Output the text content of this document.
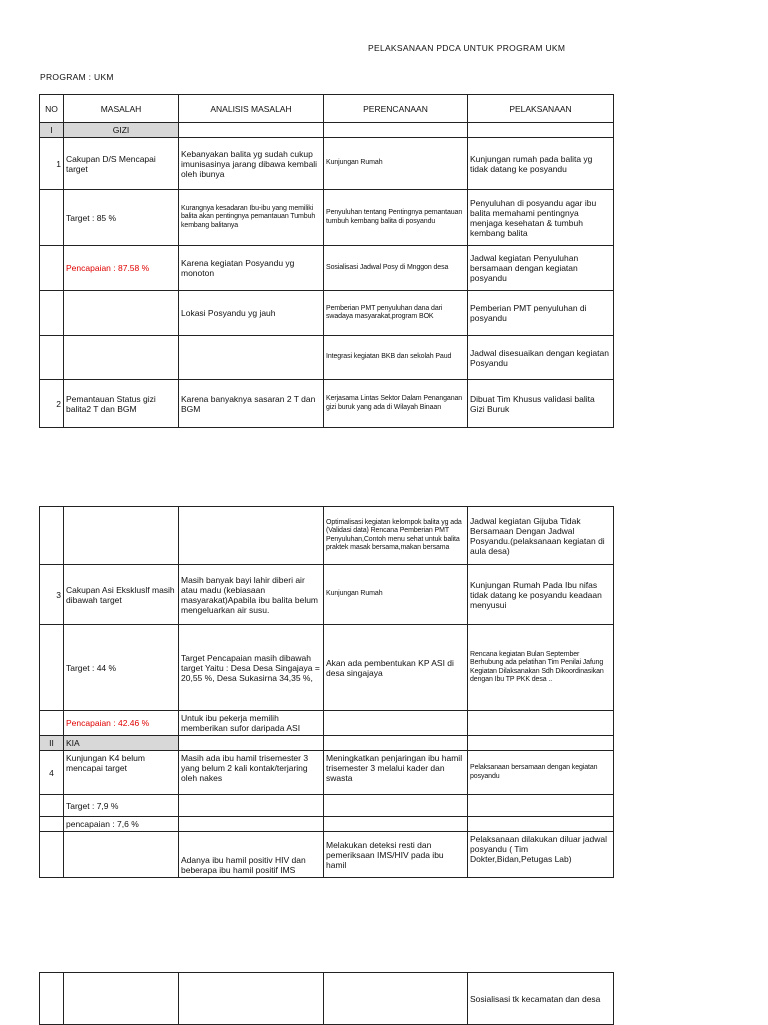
PELAKSANAAN PDCA UNTUK PROGRAM UKM
PROGRAM : UKM
NO	MASALAH	ANALISIS MASALAH	PERENCANAAN	PELAKSANAAN
I	GIZI			
1	Cakupan D/S Mencapai target	Kebanyakan balita yg sudah cukup imunisasinya jarang dibawa kembali oleh ibunya	Kunjungan Rumah	Kunjungan rumah pada balita yg tidak datang ke posyandu
	Target : 85 %	Kurangnya kesadaran Ibu-ibu yang memiliki balita akan pentingnya pemantauan Tumbuh kembang balitanya	Penyuluhan tentang Pentingnya pemantauan tumbuh kembang balita di posyandu	Penyuluhan di posyandu agar ibu balita memahami pentingnya menjaga kesehatan & tumbuh kembang balita
	Pencapaian : 87.58 %	Karena kegiatan Posyandu yg monoton	Sosialisasi Jadwal Posy di Mnggon desa	Jadwal kegiatan Penyuluhan bersamaan dengan kegiatan posyandu
		Lokasi Posyandu yg jauh	Pemberian PMT penyuluhan dana dari swadaya masyarakat,program BOK	Pemberian PMT penyuluhan di posyandu
			Integrasi kegiatan BKB dan sekolah Paud	Jadwal disesuaikan dengan kegiatan Posyandu
2	Pemantauan Status gizi balita2 T dan BGM	Karena banyaknya sasaran 2 T dan BGM	Kerjasama Lintas Sektor Dalam Penanganan gizi buruk yang ada di Wilayah Binaan	Dibuat Tim Khusus validasi balita Gizi Buruk
			Optimalisasi kegiatan kelompok balita yg ada (Validasi data) Rencana Pemberian PMT Penyuluhan,Contoh menu sehat untuk balita praktek masak bersama,makan bersama	Jadwal kegiatan Gijuba Tidak Bersamaan Dengan Jadwal Posyandu.(pelaksanaan kegiatan di aula desa)
3	Cakupan Asi Ekskluslf masih dibawah target	Masih banyak bayi lahir diberi air atau madu (kebiasaan masyarakat)Apabila ibu balita belum mengeluarkan air susu.	Kunjungan Rumah	Kunjungan Rumah Pada Ibu nifas tidak datang ke posyandu keadaan menyusui
	Target : 44 %	Target Pencapaian masih dibawah target Yaitu : Desa Desa Singajaya = 20,55 %, Desa Sukasirna 34,35 %,	Akan ada pembentukan KP ASI di desa singajaya	Rencana kegiatan Bulan September Berhubung ada pelatihan Tim Penilai Jafung Kegiatan Dilaksanakan Sdh Dikoordinasikan dengan Ibu TP PKK desa ..
	Pencapaian : 42.46 %	Untuk ibu pekerja memilih memberikan sufor daripada ASI		
II	KIA			
4	Kunjungan K4 belum mencapai target	Masih ada ibu hamil trisemester 3 yang belum 2 kali kontak/terjaring oleh nakes	Meningkatkan penjaringan ibu hamil trisemester 3 melalui kader dan swasta	Pelaksanaan bersamaan dengan kegiatan posyandu
	Target : 7,9 %			
	pencapaian : 7,6 %			
		Adanya ibu hamil positiv HIV dan beberapa ibu hamil positif IMS	Melakukan deteksi resti dan pemeriksaan IMS/HIV pada ibu hamil	Pelaksanaan dilakukan diluar jadwal posyandu ( Tim Dokter,Bidan,Petugas Lab)
				Sosialisasi tk kecamatan dan desa
